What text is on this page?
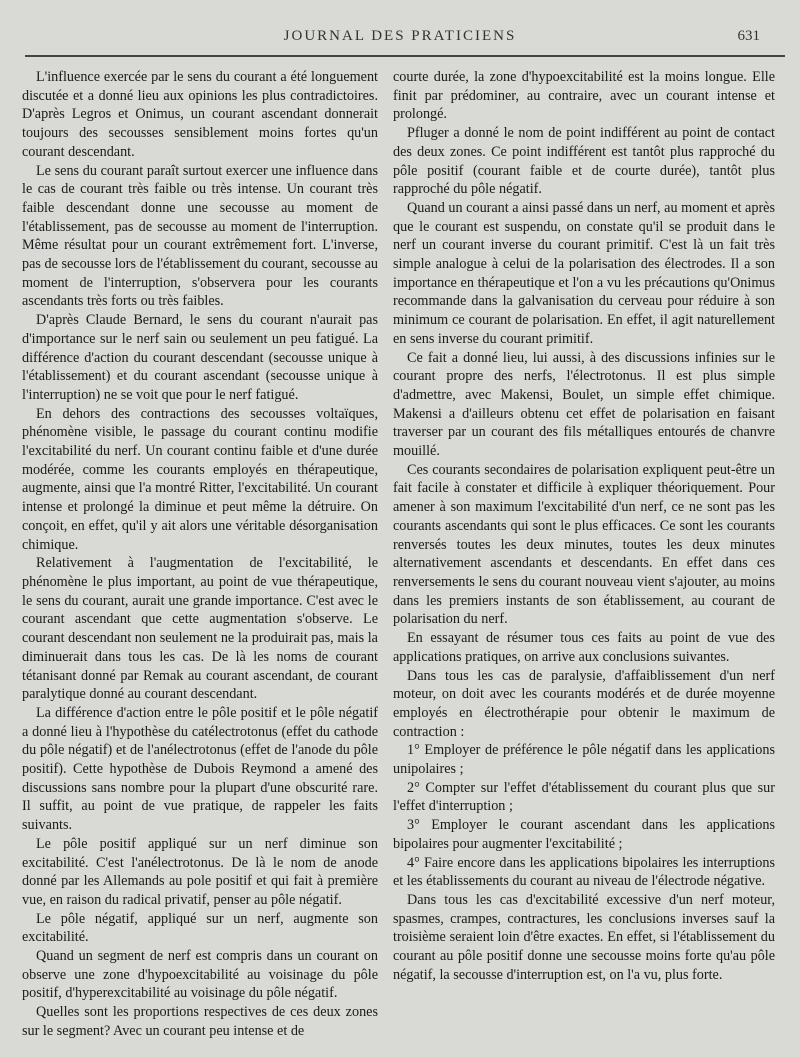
JOURNAL DES PRATICIENS	631

L'influence exercée par le sens du courant a été longuement discutée et a donné lieu aux opinions les plus contradictoires. D'après Legros et Onimus, un courant ascendant donnerait toujours des secousses sensiblement moins fortes qu'un courant descendant.

Le sens du courant paraît surtout exercer une influence dans le cas de courant très faible ou très intense. Un courant très faible descendant donne une secousse au moment de l'établissement, pas de secousse au moment de l'interruption. Même résultat pour un courant extrêmement fort. L'inverse, pas de secousse lors de l'établissement du courant, secousse au moment de l'interruption, s'observera pour les courants ascendants très forts ou très faibles.

D'après Claude Bernard, le sens du courant n'aurait pas d'importance sur le nerf sain ou seulement un peu fatigué. La différence d'action du courant descendant (secousse unique à l'établissement) et du courant ascendant (secousse unique à l'interruption) ne se voit que pour le nerf fatigué.

En dehors des contractions des secousses voltaïques, phénomène visible, le passage du courant continu modifie l'excitabilité du nerf. Un courant continu faible et d'une durée modérée, comme les courants employés en thérapeutique, augmente, ainsi que l'a montré Ritter, l'excitabilité. Un courant intense et prolongé la diminue et peut même la détruire. On conçoit, en effet, qu'il y ait alors une véritable désorganisation chimique.

Relativement à l'augmentation de l'excitabilité, le phénomène le plus important, au point de vue thérapeutique, le sens du courant, aurait une grande importance. C'est avec le courant ascendant que cette augmentation s'observe. Le courant descendant non seulement ne la produirait pas, mais la diminuerait dans tous les cas. De là les noms de courant tétanisant donné par Remak au courant ascendant, de courant paralytique donné au courant descendant.

La différence d'action entre le pôle positif et le pôle négatif a donné lieu à l'hypothèse du catélectrotonus (effet du cathode du pôle négatif) et de l'anélectrotonus (effet de l'anode du pôle positif). Cette hypothèse de Dubois Reymond a amené des discussions sans nombre pour la plupart d'une obscurité rare. Il suffit, au point de vue pratique, de rappeler les faits suivants.

Le pôle positif appliqué sur un nerf diminue son excitabilité. C'est l'anélectrotonus. De là le nom de anode donné par les Allemands au pole positif et qui fait à première vue, en raison du radical privatif, penser au pôle négatif.

Le pôle négatif, appliqué sur un nerf, augmente son excitabilité.

Quand un segment de nerf est compris dans un courant on observe une zone d'hypoexcitabilité au voisinage du pôle positif, d'hyperexcitabilité au voisinage du pôle négatif.

Quelles sont les proportions respectives de ces deux zones sur le segment? Avec un courant peu intense et de

courte durée, la zone d'hypoexcitabilité est la moins longue. Elle finit par prédominer, au contraire, avec un courant intense et prolongé.

Pfluger a donné le nom de point indifférent au point de contact des deux zones. Ce point indifférent est tantôt plus rapproché du pôle positif (courant faible et de courte durée), tantôt plus rapproché du pôle négatif.

Quand un courant a ainsi passé dans un nerf, au moment et après que le courant est suspendu, on constate qu'il se produit dans le nerf un courant inverse du courant primitif. C'est là un fait très simple analogue à celui de la polarisation des électrodes. Il a son importance en thérapeutique et l'on a vu les précautions qu'Onimus recommande dans la galvanisation du cerveau pour réduire à son minimum ce courant de polarisation. En effet, il agit naturellement en sens inverse du courant primitif.

Ce fait a donné lieu, lui aussi, à des discussions infinies sur le courant propre des nerfs, l'électrotonus. Il est plus simple d'admettre, avec Makensi, Boulet, un simple effet chimique. Makensi a d'ailleurs obtenu cet effet de polarisation en faisant traverser par un courant des fils métalliques entourés de chanvre mouillé.

Ces courants secondaires de polarisation expliquent peut-être un fait facile à constater et difficile à expliquer théoriquement. Pour amener à son maximum l'excitabilité d'un nerf, ce ne sont pas les courants ascendants qui sont le plus efficaces. Ce sont les courants renversés toutes les deux minutes, toutes les deux minutes alternativement ascendants et descendants. En effet dans ces renversements le sens du courant nouveau vient s'ajouter, au moins dans les premiers instants de son établissement, au courant de polarisation du nerf.

En essayant de résumer tous ces faits au point de vue des applications pratiques, on arrive aux conclusions suivantes.

Dans tous les cas de paralysie, d'affaiblissement d'un nerf moteur, on doit avec les courants modérés et de durée moyenne employés en électrothérapie pour obtenir le maximum de contraction :

1° Employer de préférence le pôle négatif dans les applications unipolaires ;

2° Compter sur l'effet d'établissement du courant plus que sur l'effet d'interruption ;

3° Employer le courant ascendant dans les applications bipolaires pour augmenter l'excitabilité ;

4° Faire encore dans les applications bipolaires les interruptions et les établissements du courant au niveau de l'électrode négative.

Dans tous les cas d'excitabilité excessive d'un nerf moteur, spasmes, crampes, contractures, les conclusions inverses sauf la troisième seraient loin d'être exactes. En effet, si l'établissement du courant au pôle positif donne une secousse moins forte qu'au pôle négatif, la secousse d'interruption est, on l'a vu, plus forte.
